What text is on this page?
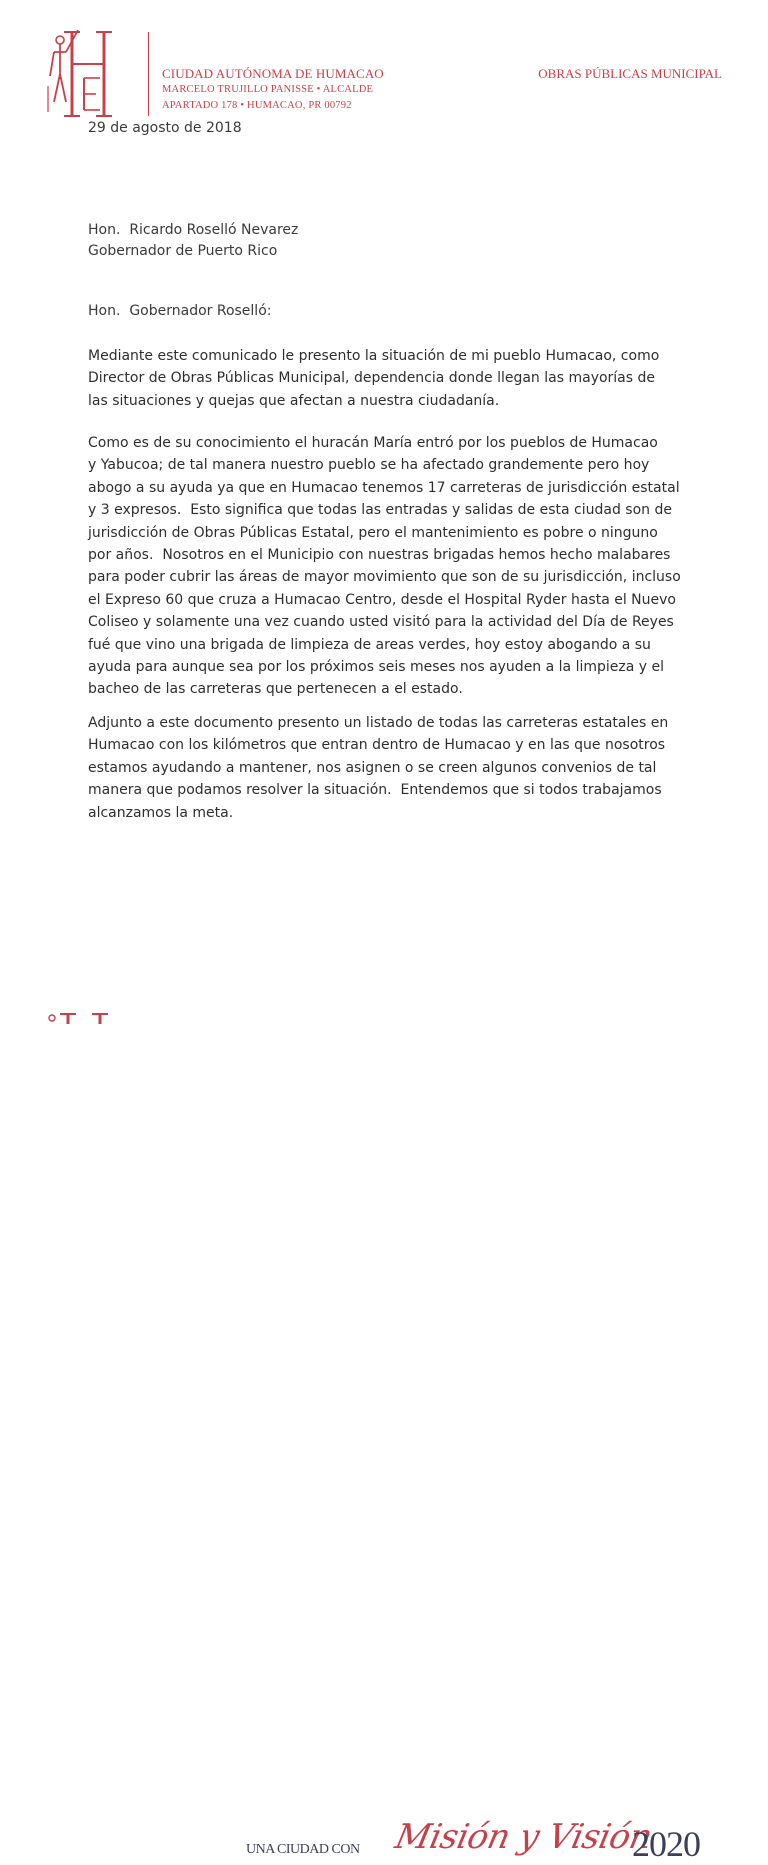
CIUDAD AUTÓNOMA DE HUMACAO
MARCELO TRUJILLO PANISSE • ALCALDE
APARTADO 178 • HUMACAO, PR 00792
OBRAS PÚBLICAS MUNICIPAL
29 de agosto de 2018
Hon.  Ricardo Roselló Nevarez
Gobernador de Puerto Rico
Hon.  Gobernador Roselló:
Mediante este comunicado le presento la situación de mi pueblo Humacao, como
Director de Obras Públicas Municipal, dependencia donde llegan las mayorías de
las situaciones y quejas que afectan a nuestra ciudadanía.
Como es de su conocimiento el huracán María entró por los pueblos de Humacao
y Yabucoa; de tal manera nuestro pueblo se ha afectado grandemente pero hoy
abogo a su ayuda ya que en Humacao tenemos 17 carreteras de jurisdicción estatal
y 3 expresos.  Esto significa que todas las entradas y salidas de esta ciudad son de
jurisdicción de Obras Públicas Estatal, pero el mantenimiento es pobre o ninguno
por años.  Nosotros en el Municipio con nuestras brigadas hemos hecho malabares
para poder cubrir las áreas de mayor movimiento que son de su jurisdicción, incluso
el Expreso 60 que cruza a Humacao Centro, desde el Hospital Ryder hasta el Nuevo
Coliseo y solamente una vez cuando usted visitó para la actividad del Día de Reyes
fué que vino una brigada de limpieza de areas verdes, hoy estoy abogando a su
ayuda para aunque sea por los próximos seis meses nos ayuden a la limpieza y el
bacheo de las carreteras que pertenecen a el estado.
Adjunto a este documento presento un listado de todas las carreteras estatales en
Humacao con los kilómetros que entran dentro de Humacao y en las que nosotros
estamos ayudando a mantener, nos asignen o se creen algunos convenios de tal
manera que podamos resolver la situación.  Entendemos que si todos trabajamos
alcanzamos la meta.
UNA CIUDAD CON Misión y Visión
2020
